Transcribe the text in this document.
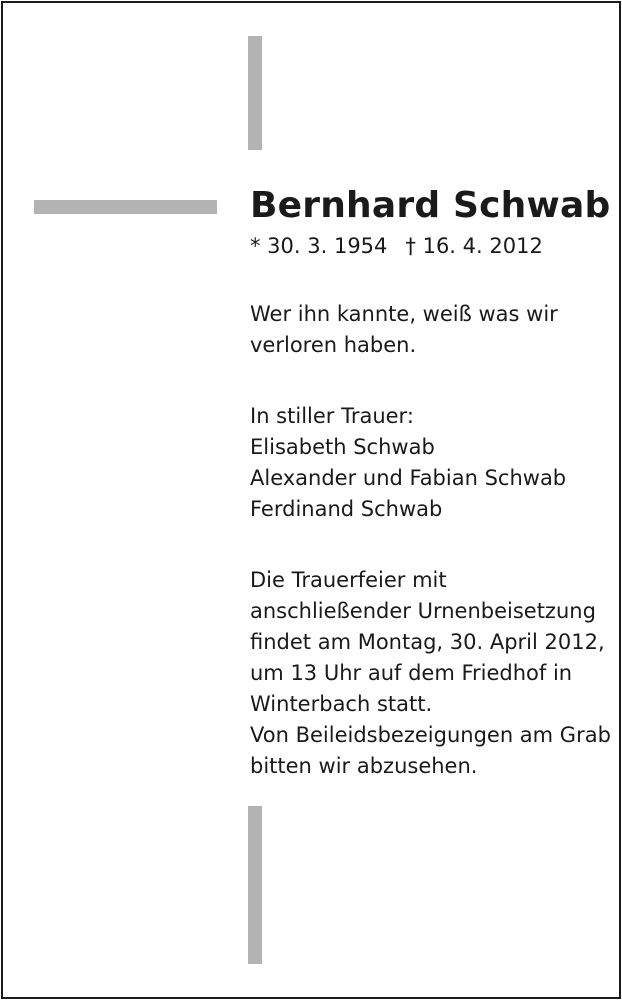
Bernhard Schwab
* 30. 3. 1954 † 16. 4. 2012
Wer ihn kannte, weiß was wir
verloren haben.
In stiller Trauer:
Elisabeth Schwab
Alexander und Fabian Schwab
Ferdinand Schwab
Die Trauerfeier mit
anschließender Urnenbeisetzung
findet am Montag, 30. April 2012,
um 13 Uhr auf dem Friedhof in
Winterbach statt.
Von Beileidsbezeigungen am Grab
bitten wir abzusehen.
